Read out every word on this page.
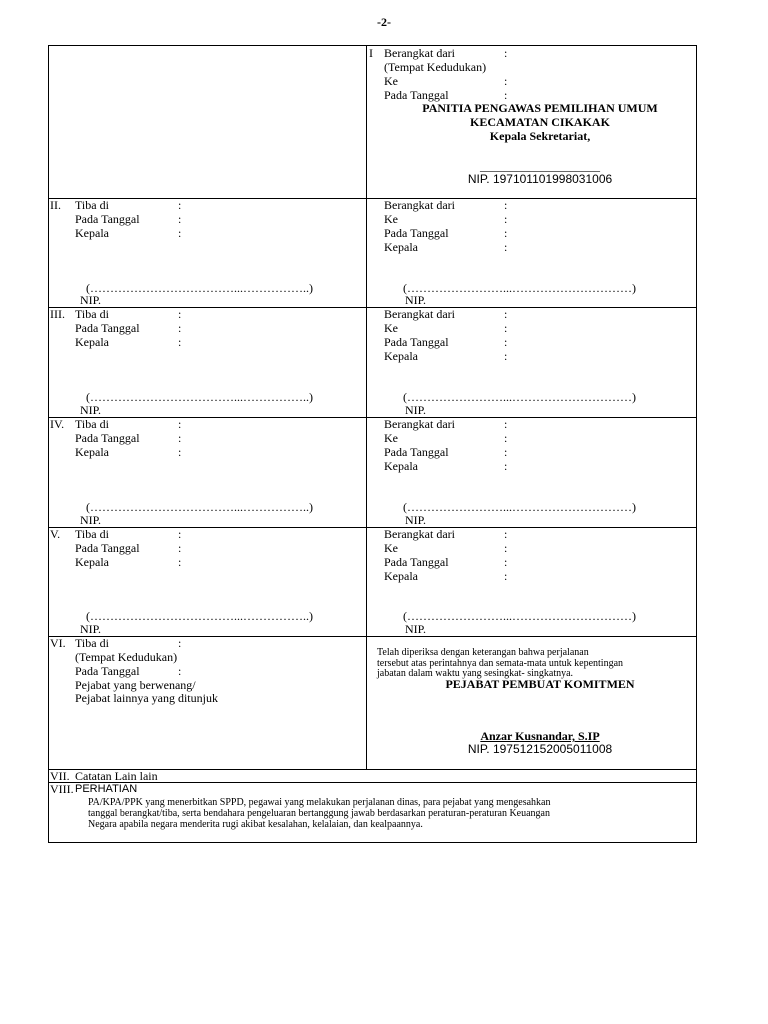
-2-
I Berangkat dari	:
(Tempat Kedudukan)
Ke	:
Pada Tanggal	:
PANITIA PENGAWAS PEMILIHAN UMUM
KECAMATAN CIKAKAK
Kepala Sekretariat,
____________________
NIP. 197101101998031006
II. Tiba di	:
Pada Tanggal	:
Kepala	:
(………………………………...……………..)
NIP.
Berangkat dari	:
Ke	:
Pada Tanggal	:
Kepala	:
(……………………...…………………………)
NIP.
III. Tiba di	:
Pada Tanggal	:
Kepala	:
(………………………………...……………..)
NIP.
Berangkat dari	:
Ke	:
Pada Tanggal	:
Kepala	:
(……………………...…………………………)
NIP.
IV. Tiba di	:
Pada Tanggal	:
Kepala	:
(………………………………...……………..)
NIP.
Berangkat dari	:
Ke	:
Pada Tanggal	:
Kepala	:
(……………………...…………………………)
NIP.
V. Tiba di	:
Pada Tanggal	:
Kepala	:
(………………………………...……………..)
NIP.
Berangkat dari	:
Ke	:
Pada Tanggal	:
Kepala	:
(……………………...…………………………)
NIP.
VI. Tiba di	:
(Tempat Kedudukan)
Pada Tanggal	:
Pejabat yang berwenang/
Pejabat lainnya yang ditunjuk
Telah diperiksa dengan keterangan bahwa perjalanan
tersebut atas perintahnya dan semata-mata untuk kepentingan
jabatan dalam waktu yang sesingkat- singkatnya.
PEJABAT PEMBUAT KOMITMEN
Anzar Kusnandar, S.IP
NIP. 197512152005011008
VII. Catatan Lain lain
VIII. PERHATIAN
PA/KPA/PPK yang menerbitkan SPPD, pegawai yang melakukan perjalanan dinas, para pejabat yang mengesahkan
tanggal berangkat/tiba, serta bendahara pengeluaran bertanggung jawab berdasarkan peraturan-peraturan Keuangan
Negara apabila negara menderita rugi akibat kesalahan, kelalaian, dan kealpaannya.
